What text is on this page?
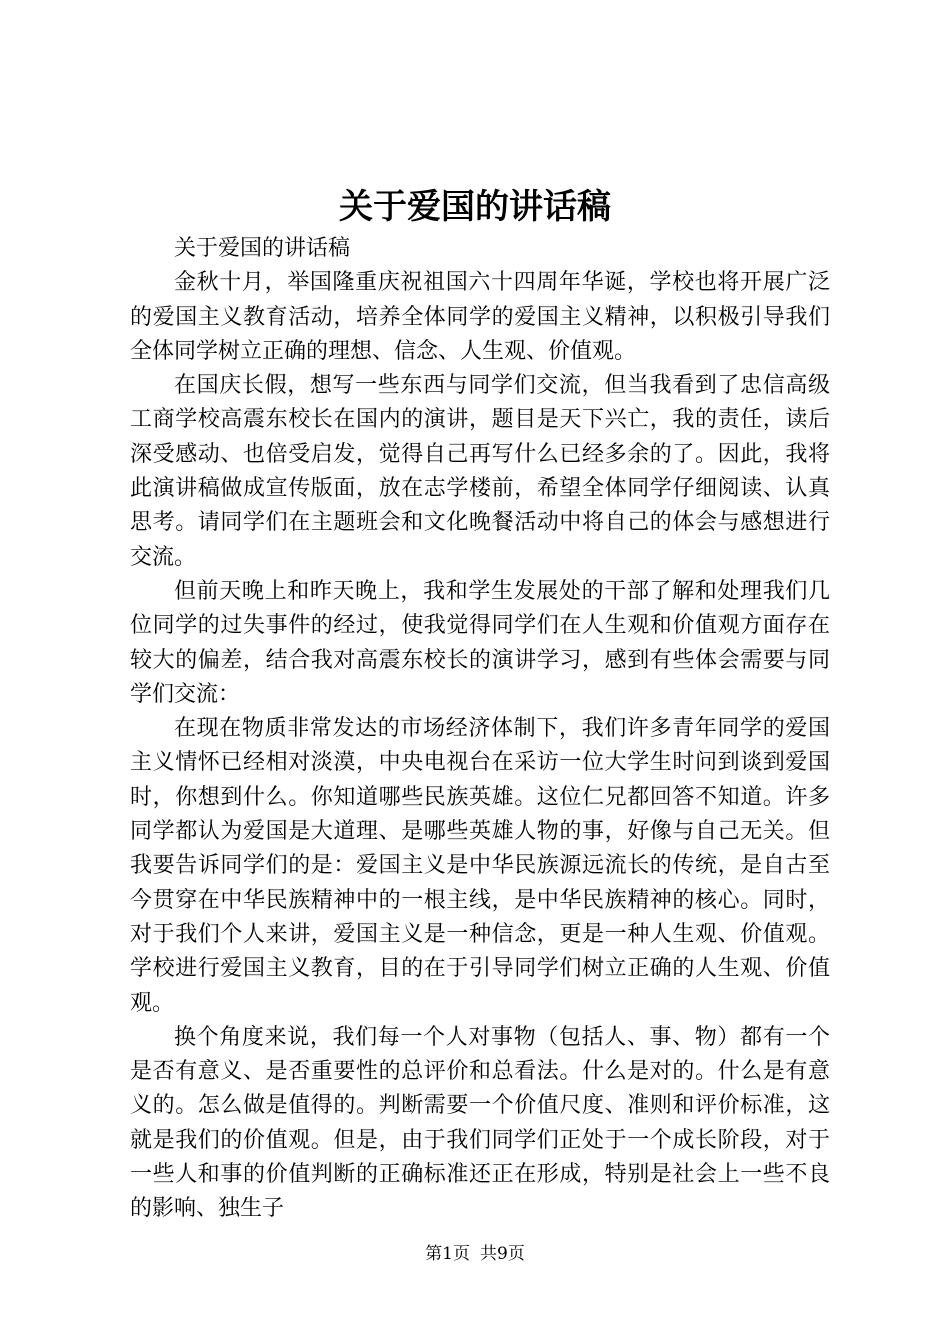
关于爱国的讲话稿

关于爱国的讲话稿

金秋十月，举国隆重庆祝祖国六十四周年华诞，学校也将开展广泛的爱国主义教育活动，培养全体同学的爱国主义精神，以积极引导我们全体同学树立正确的理想、信念、人生观、价值观。

在国庆长假，想写一些东西与同学们交流，但当我看到了忠信高级工商学校高震东校长在国内的演讲，题目是天下兴亡，我的责任，读后深受感动、也倍受启发，觉得自己再写什么已经多余的了。因此，我将此演讲稿做成宣传版面，放在志学楼前，希望全体同学仔细阅读、认真思考。请同学们在主题班会和文化晚餐活动中将自己的体会与感想进行交流。

但前天晚上和昨天晚上，我和学生发展处的干部了解和处理我们几位同学的过失事件的经过，使我觉得同学们在人生观和价值观方面存在较大的偏差，结合我对高震东校长的演讲学习，感到有些体会需要与同学们交流：

在现在物质非常发达的市场经济体制下，我们许多青年同学的爱国主义情怀已经相对淡漠，中央电视台在采访一位大学生时问到谈到爱国时，你想到什么。你知道哪些民族英雄。这位仁兄都回答不知道。许多同学都认为爱国是大道理、是哪些英雄人物的事，好像与自己无关。但我要告诉同学们的是：爱国主义是中华民族源远流长的传统，是自古至今贯穿在中华民族精神中的一根主线，是中华民族精神的核心。同时，对于我们个人来讲，爱国主义是一种信念，更是一种人生观、价值观。学校进行爱国主义教育，目的在于引导同学们树立正确的人生观、价值观。

换个角度来说，我们每一个人对事物（包括人、事、物）都有一个是否有意义、是否重要性的总评价和总看法。什么是对的。什么是有意义的。怎么做是值得的。判断需要一个价值尺度、准则和评价标准，这就是我们的价值观。但是，由于我们同学们正处于一个成长阶段，对于一些人和事的价值判断的正确标准还正在形成，特别是社会上一些不良的影响、独生子

第1页 共9页
